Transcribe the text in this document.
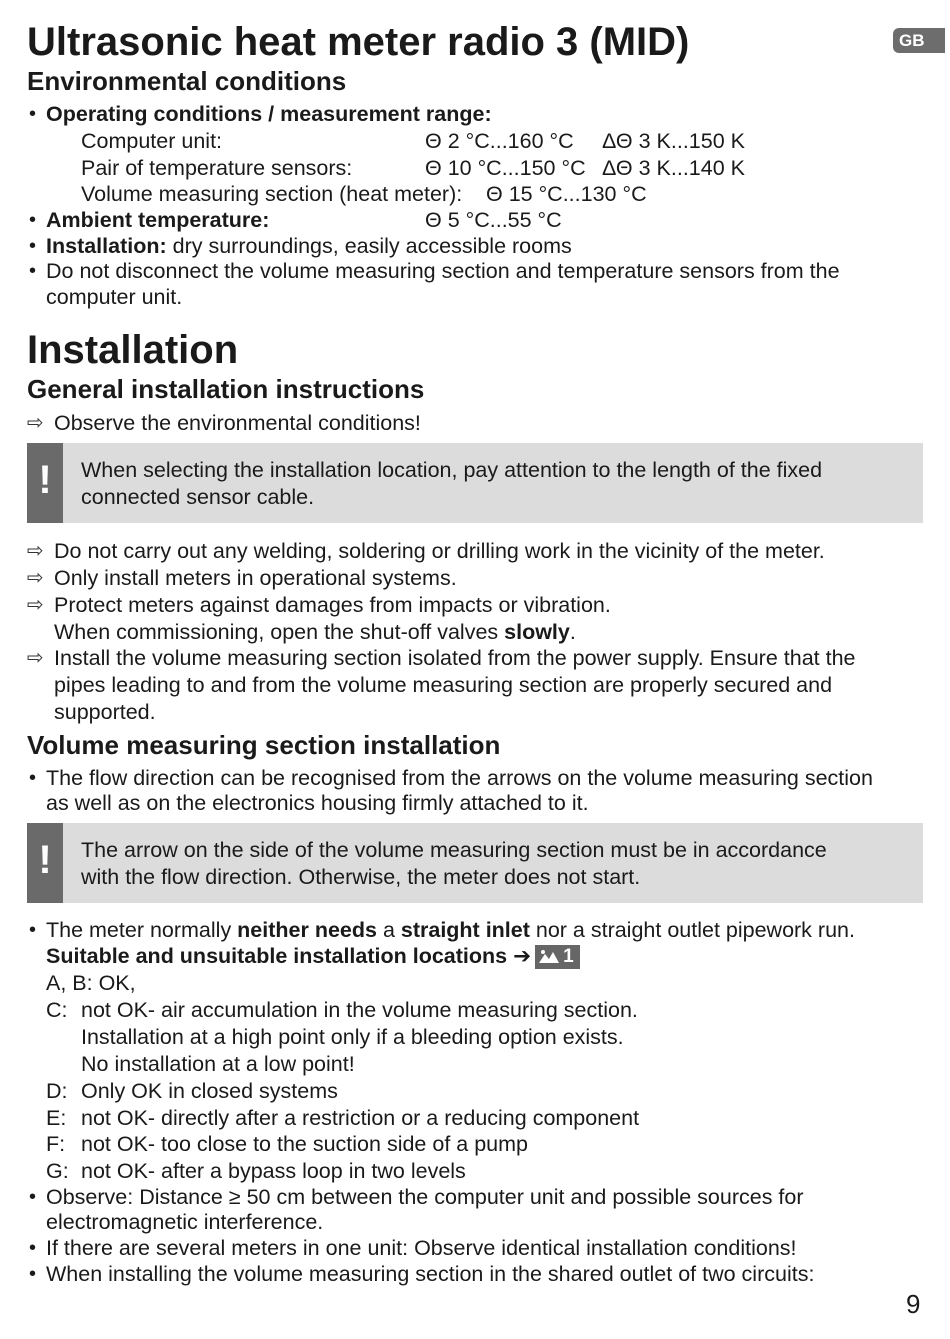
Ultrasonic heat meter radio 3 (MID)	GB
Environmental conditions
• Operating conditions / measurement range:
Computer unit:	Θ 2 °C...160 °C ΔΘ 3 K...150 K
Pair of temperature sensors:	Θ 10 °C...150 °C ΔΘ 3 K...140 K
Volume measuring section (heat meter): Θ 15 °C...130 °C
• Ambient temperature:	Θ 5 °C...55 °C
• Installation: dry surroundings, easily accessible rooms
• Do not disconnect the volume measuring section and temperature sensors from the
computer unit.
Installation
General installation instructions
⇨ Observe the environmental conditions!
!	When selecting the installation location, pay attention to the length of the fixed
connected sensor cable.
⇨ Do not carry out any welding, soldering or drilling work in the vicinity of the meter.
⇨ Only install meters in operational systems.
⇨ Protect meters against damages from impacts or vibration.
When commissioning, open the shut-off valves slowly.
⇨ Install the volume measuring section isolated from the power supply. Ensure that the
pipes leading to and from the volume measuring section are properly secured and
supported.
Volume measuring section installation
• The flow direction can be recognised from the arrows on the volume measuring section
as well as on the electronics housing firmly attached to it.
!	The arrow on the side of the volume measuring section must be in accordance
with the flow direction. Otherwise, the meter does not start.
• The meter normally neither needs a straight inlet nor a straight outlet pipework run.
Suitable and unsuitable installation locations ➔ 1
A, B: OK,
C: not OK- air accumulation in the volume measuring section.
Installation at a high point only if a bleeding option exists.
No installation at a low point!
D: Only OK in closed systems
E: not OK- directly after a restriction or a reducing component
F: not OK- too close to the suction side of a pump
G: not OK- after a bypass loop in two levels
• Observe: Distance ≥ 50 cm between the computer unit and possible sources for
electromagnetic interference.
• If there are several meters in one unit: Observe identical installation conditions!
• When installing the volume measuring section in the shared outlet of two circuits:
9
